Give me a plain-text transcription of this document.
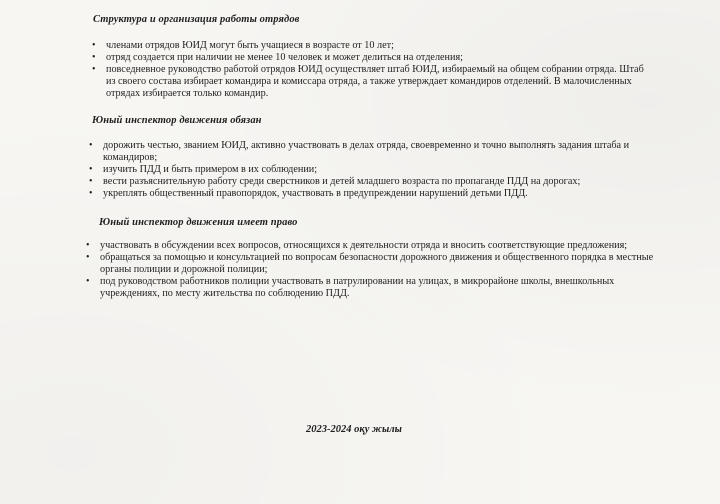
Структура и организация работы отрядов
• членами отрядов ЮИД могут быть учащиеся в возрасте от 10 лет;
• отряд создается при наличии не менее 10 человек и может делиться на отделения;
• повседневное руководство работой отрядов ЮИД осуществляет штаб ЮИД, избираемый на общем собрании отряда. Штаб из своего состава избирает командира и комиссара отряда, а также утверждает командиров отделений. В малочисленных отрядах избирается только командир.
Юный инспектор движения обязан
• дорожить честью, званием ЮИД, активно участвовать в делах отряда, своевременно и точно выполнять задания штаба и командиров;
• изучить ПДД и быть примером в их соблюдении;
• вести разъяснительную работу среди сверстников и детей младшего возраста по пропаганде ПДД на дорогах;
• укреплять общественный правопорядок, участвовать в предупреждении нарушений детьми ПДД.
Юный инспектор движения имеет право
• участвовать в обсуждении всех вопросов, относящихся к деятельности отряда и вносить соответствующие предложения;
• обращаться за помощью и консультацией по вопросам безопасности дорожного движения и общественного порядка в местные органы полиции и дорожной полиции;
• под руководством работников полиции участвовать в патрулировании на улицах, в микрорайоне школы, внешкольных учреждениях, по месту жительства по соблюдению ПДД.
2023-2024 оқу жылы
